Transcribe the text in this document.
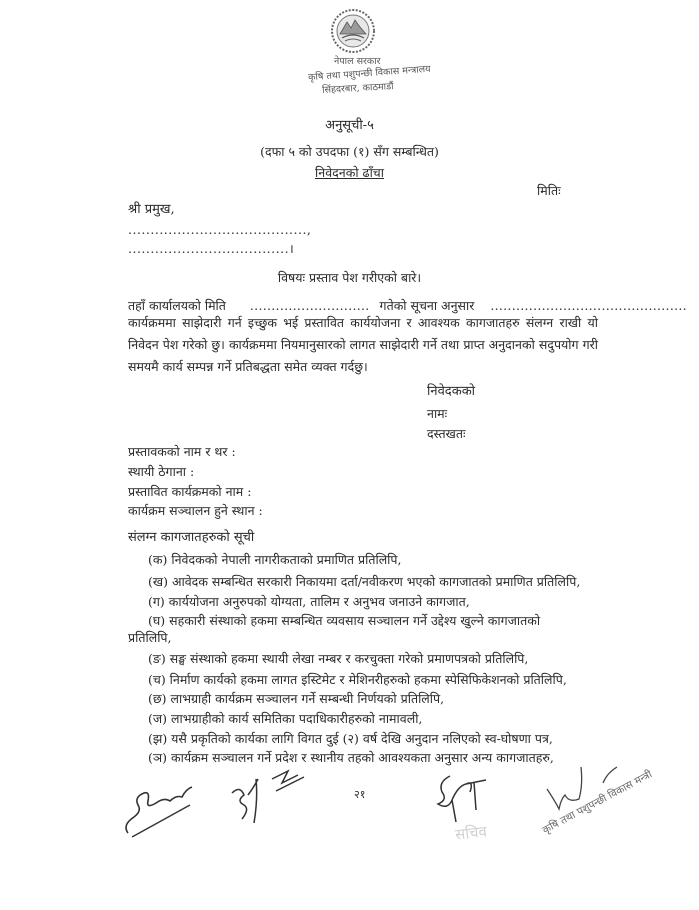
नेपाल सरकार
कृषि तथा पशुपन्छी विकास मन्त्रालय
सिंहदरबार, काठमाडौं
अनुसूची-५
(दफा ५ को उपदफा (१) सँग सम्बन्धित)
निवेदनको ढाँचा
मितिः
श्री प्रमुख,
........................................,
....................................।
विषयः प्रस्ताव पेश गरीएको बारे।
तहाँ कार्यालयको मिति ............................ गतेको सूचना अनुसार ..............................................
कार्यक्रममा साझेदारी गर्न इच्छुक भई प्रस्तावित कार्ययोजना र आवश्यक कागजातहरु संलग्न राखी यो निवेदन पेश गरेको छु। कार्यक्रममा नियमानुसारको लागत साझेदारी गर्ने तथा प्राप्त अनुदानको सदुपयोग गरी समयमै कार्य सम्पन्न गर्ने प्रतिबद्धता समेत व्यक्त गर्दछु।
निवेदकको
नामः
दस्तखतः
प्रस्तावकको नाम र थर :
स्थायी ठेगाना :
प्रस्तावित कार्यक्रमको नाम :
कार्यक्रम सञ्चालन हुने स्थान :
संलग्न कागजातहरुको सूची
(क) निवेदकको नेपाली नागरीकताको प्रमाणित प्रतिलिपि,
(ख) आवेदक सम्बन्धित सरकारी निकायमा दर्ता/नवीकरण भएको कागजातको प्रमाणित प्रतिलिपि,
(ग) कार्ययोजना अनुरुपको योग्यता, तालिम र अनुभव जनाउने कागजात,
(घ) सहकारी संस्थाको हकमा सम्बन्धित व्यवसाय सञ्चालन गर्ने उद्देश्य खुल्ने कागजातको
प्रतिलिपि,
(ङ) सङ्घ संस्थाको हकमा स्थायी लेखा नम्बर र करचुक्ता गरेको प्रमाणपत्रको प्रतिलिपि,
(च) निर्माण कार्यको हकमा लागत इस्टिमेट र मेशिनरीहरुको हकमा स्पेसिफिकेशनको प्रतिलिपि,
(छ) लाभग्राही कार्यक्रम सञ्चालन गर्ने सम्बन्धी निर्णयको प्रतिलिपि,
(ज) लाभग्राहीको कार्य समितिका पदाधिकारीहरुको नामावली,
(झ) यसै प्रकृतिको कार्यका लागि विगत दुई (२) वर्ष देखि अनुदान नलिएको स्व-घोषणा पत्र,
(ञ) कार्यक्रम सञ्चालन गर्ने प्रदेश र स्थानीय तहको आवश्यकता अनुसार अन्य कागजातहरु,
२१
सचिव	कृषि तथा पशुपन्छी विकास मन्त्री
